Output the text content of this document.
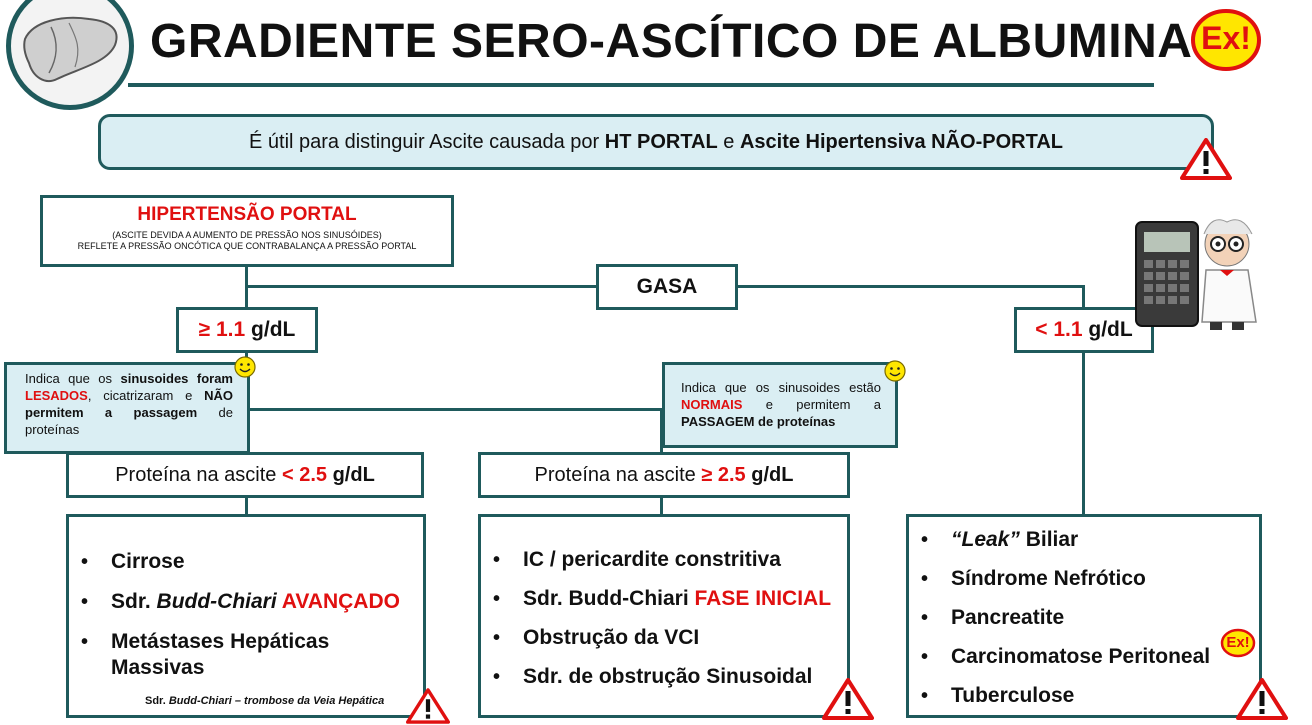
GRADIENTE SERO-ASCÍTICO DE ALBUMINA Ex!
É útil para distinguir Ascite causada por HT PORTAL e Ascite Hipertensiva NÃO-PORTAL
HIPERTENSÃO PORTAL
(ASCITE DEVIDA A AUMENTO DE PRESSÃO NOS SINUSÓIDES)
REFLETE A PRESSÃO ONCÓTICA QUE CONTRABALANÇA A PRESSÃO PORTAL
GASA
≥ 1.1 g/dL	< 1.1 g/dL
Indica que os sinusoides foram LESADOS, cicatrizaram e NÃO permitem a passagem de proteínas
Indica que os sinusoides estão NORMAIS e permitem a PASSAGEM de proteínas
Proteína na ascite < 2.5 g/dL	Proteína na ascite ≥ 2.5 g/dL
• Cirrose
• Sdr. Budd-Chiari AVANÇADO
• Metástases Hepáticas Massivas
Sdr. Budd-Chiari – trombose da Veia Hepática
• IC / pericardite constritiva
• Sdr. Budd-Chiari FASE INICIAL
• Obstrução da VCI
• Sdr. de obstrução Sinusoidal
• “Leak” Biliar
• Síndrome Nefrótico
• Pancreatite
• Carcinomatose Peritoneal
• Tuberculose
Ex!
